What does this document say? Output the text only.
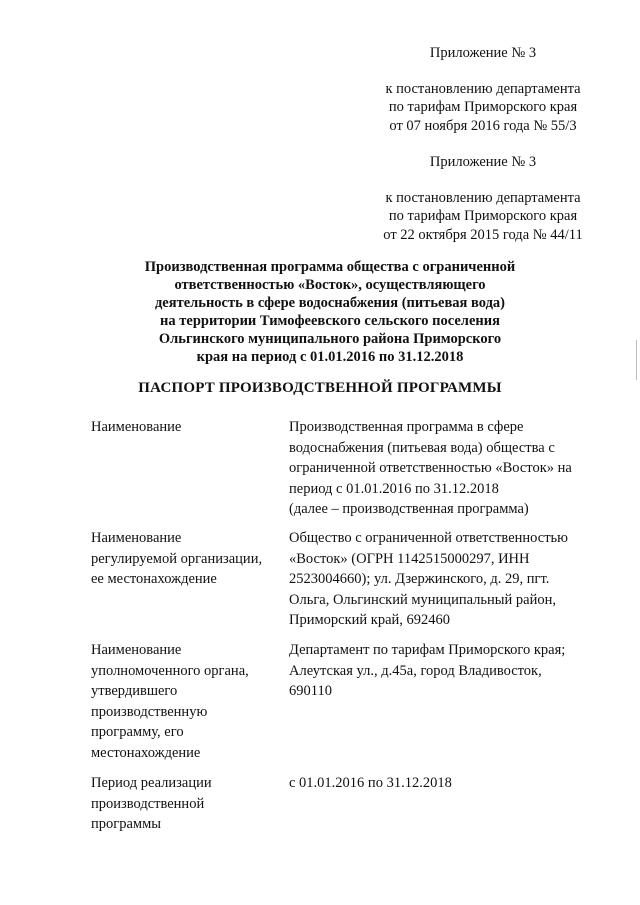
Приложение № 3
к постановлению департамента
по тарифам Приморского края
от 07 ноября 2016 года № 55/3
Приложение № 3
к постановлению департамента
по тарифам Приморского края
от 22 октября 2015 года № 44/11
Производственная программа общества с ограниченной
ответственностью «Восток», осуществляющего
деятельность в сфере водоснабжения (питьевая вода)
на территории Тимофеевского сельского поселения
Ольгинского муниципального района Приморского
края на период с 01.01.2016 по 31.12.2018
ПАСПОРТ ПРОИЗВОДСТВЕННОЙ ПРОГРАММЫ
Наименование	Производственная программа в сфере
водоснабжения (питьевая вода) общества с
ограниченной ответственностью «Восток» на
период с 01.01.2016 по 31.12.2018
(далее – производственная программа)
Наименование
регулируемой организации,
ее местонахождение
Общество с ограниченной ответственностью
«Восток» (ОГРН 1142515000297, ИНН
2523004660); ул. Дзержинского, д. 29, пгт.
Ольга, Ольгинский муниципальный район,
Приморский край, 692460
Наименование
уполномоченного органа,
утвердившего
производственную
программу, его
местонахождение
Департамент по тарифам Приморского края;
Алеутская ул., д.45а, город Владивосток,
690110
Период реализации
производственной
программы
с 01.01.2016 по 31.12.2018
